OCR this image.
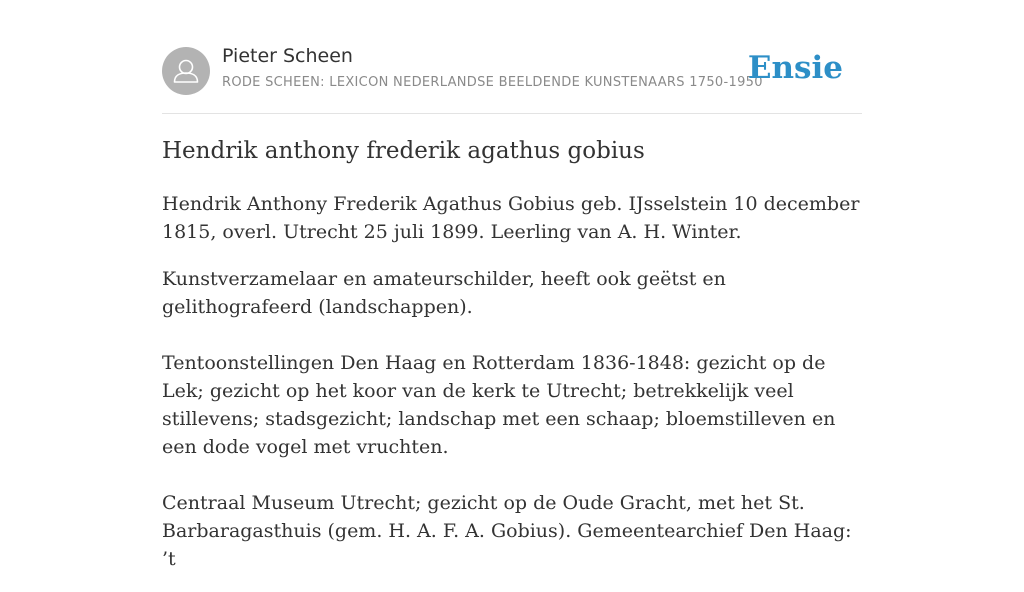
Pieter Scheen
RODE SCHEEN: LEXICON NEDERLANDSE BEELDENDE KUNSTENAARS 1750-1950
Ensie
Hendrik anthony frederik agathus gobius

Hendrik Anthony Frederik Agathus Gobius geb. IJsselstein 10 december 1815, overl. Utrecht 25 juli 1899. Leerling van A. H. Winter.

Kunstverzamelaar en amateurschilder, heeft ook geëtst en gelithografeerd (landschappen).

Tentoonstellingen Den Haag en Rotterdam 1836-1848: gezicht op de Lek; gezicht op het koor van de kerk te Utrecht; betrekkelijk veel stillevens; stadsgezicht; landschap met een schaap; bloemstilleven en een dode vogel met vruchten.

Centraal Museum Utrecht; gezicht op de Oude Gracht, met het St. Barbaragasthuis (gem. H. A. F. A. Gobius). Gemeentearchief Den Haag: ’t
